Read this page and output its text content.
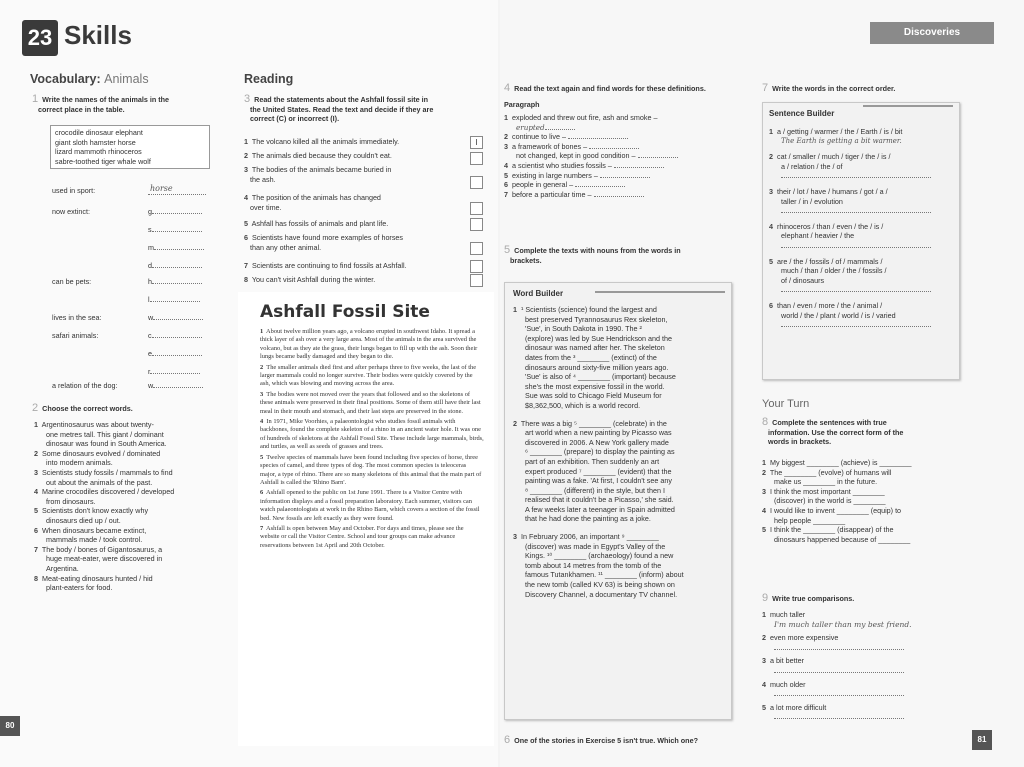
23 Skills
Vocabulary: Animals
1 Write the names of the animals in the
correct place in the table.
crocodile dinosaur elephant
giant sloth hamster horse
lizard mammoth rhinoceros
sabre-toothed tiger whale wolf
used in sport:	horse
now extinct:	g
s
m
d
can be pets:	h
l
lives in the sea:	w
safari animals:	c
e
r
a relation of the dog:	w
2 Choose the correct words.
1 Argentinosaurus was about twenty-
one metres tall. This giant / dominant
dinosaur was found in South America.
2 Some dinosaurs evolved / dominated
into modern animals.
3 Scientists study fossils / mammals to find
out about the animals of the past.
4 Marine crocodiles discovered / developed
from dinosaurs.
5 Scientists don't know exactly why
dinosaurs died up / out.
6 When dinosaurs became extinct,
mammals made / took control.
7 The body / bones of Gigantosaurus, a
huge meat-eater, were discovered in
Argentina.
8 Meat-eating dinosaurs hunted / hid
plant-eaters for food.
Reading
3 Read the statements about the Ashfall fossil site in
the United States. Read the text and decide if they are
correct (C) or incorrect (I).
1 The volcano killed all the animals immediately.	I
2 The animals died because they couldn't eat.
3 The bodies of the animals became buried in
the ash.
4 The position of the animals has changed
over time.
5 Ashfall has fossils of animals and plant life.
6 Scientists have found more examples of horses
than any other animal.
7 Scientists are continuing to find fossils at Ashfall.
8 You can't visit Ashfall during the winter.
Ashfall Fossil Site

1 About twelve million years ago, a volcano erupted in southwest Idaho. It spread a thick layer of ash over a very large area. Most of the animals in the area survived the volcano, but as they ate the grass, their lungs began to fill up with the ash. Soon their lungs became badly damaged and they began to die.

2 The smaller animals died first and after perhaps three to five weeks, the last of the larger mammals could no longer survive. Their bodies were quickly covered by the ash, which was blowing and moving across the area.

3 The bodies were not moved over the years that followed and so the skeletons of these animals were preserved in their final positions. Some of them still have their last meal in their mouth and stomach, and their last steps are preserved in the stone.

4 In 1971, Mike Voorhies, a palaeontologist who studies fossil animals with backbones, found the complete skeleton of a rhino in an ancient water hole. It was one of hundreds of skeletons at the Ashfall Fossil Site. These include large mammals, birds, and turtles, as well as seeds of grasses and trees.

5 Twelve species of mammals have been found including five species of horse, three species of camel, and three types of dog. The most common species is teleoceras major, a type of rhino. There are so many skeletons of this animal that the main part of Ashfall is called the 'Rhino Barn'.

6 Ashfall opened to the public on 1st June 1991. There is a Visitor Centre with information displays and a fossil preparation laboratory. Each summer, visitors can watch palaeontologists at work in the Rhino Barn, which covers a section of the fossil bed. New fossils are left exactly as they were found.

7 Ashfall is open between May and October. For days and times, please see the website or call the Visitor Centre. School and tour groups can make advance reservations between 1st April and 20th October.

80
Discoveries
4 Read the text again and find words for these definitions.
Paragraph
1 exploded and threw out fire, ash and smoke –
erupted
2 continue to live –
3 a framework of bones –
not changed, kept in good condition –
4 a scientist who studies fossils –
5 existing in large numbers –
6 people in general –
7 before a particular time –
5 Complete the texts with nouns from the words in
brackets.
Word Builder
1 ¹ Scientists (science) found the largest and
best preserved Tyrannosaurus Rex skeleton,
'Sue', in South Dakota in 1990. The ²
(explore) was led by Sue Hendrickson and the
dinosaur was named after her. The skeleton
dates from the ³ ________ (extinct) of the
dinosaurs around sixty-five million years ago.
'Sue' is also of ⁴ ________ (important) because
she's the most expensive fossil in the world.
Sue was sold to Chicago Field Museum for
$8,362,500, which is a world record.
2 There was a big ⁵ ________ (celebrate) in the
art world when a new painting by Picasso was
discovered in 2006. A New York gallery made
⁶ ________ (prepare) to display the painting as
part of an exhibition. Then suddenly an art
expert produced ⁷ ________ (evident) that the
painting was a fake. 'At first, I couldn't see any
⁸ ________ (different) in the style, but then I
realised that it couldn't be a Picasso,' she said.
A few weeks later a teenager in Spain admitted
that he had done the painting as a joke.
3 In February 2006, an important ⁹ ________
(discover) was made in Egypt's Valley of the
Kings. ¹⁰ ________ (archaeology) found a new
tomb about 14 metres from the tomb of the
famous Tutankhamen. ¹¹ ________ (inform) about
the new tomb (called KV 63) is being shown on
Discovery Channel, a documentary TV channel.
6 One of the stories in Exercise 5 isn't true. Which one?
7 Write the words in the correct order.
Sentence Builder
1 a / getting / warmer / the / Earth / is / bit
The Earth is getting a bit warmer.
2 cat / smaller / much / tiger / the / is /
a / relation / the / of
3 their / lot / have / humans / got / a /
taller / in / evolution
4 rhinoceros / than / even / the / is /
elephant / heavier / the
5 are / the / fossils / of / mammals /
much / than / older / the / fossils /
of / dinosaurs
6 than / even / more / the / animal /
world / the / plant / world / is / varied
Your Turn
8 Complete the sentences with true
information. Use the correct form of the
words in brackets.
1 My biggest ________ (achieve) is ________
2 The ________ (evolve) of humans will
make us ________ in the future.
3 I think the most important ________
(discover) in the world is ________
4 I would like to invent ________ (equip) to
help people ________
5 I think the ________ (disappear) of the
dinosaurs happened because of ________
9 Write true comparisons.
1 much taller
I'm much taller than my best friend.
2 even more expensive
3 a bit better
4 much older
5 a lot more difficult
81
